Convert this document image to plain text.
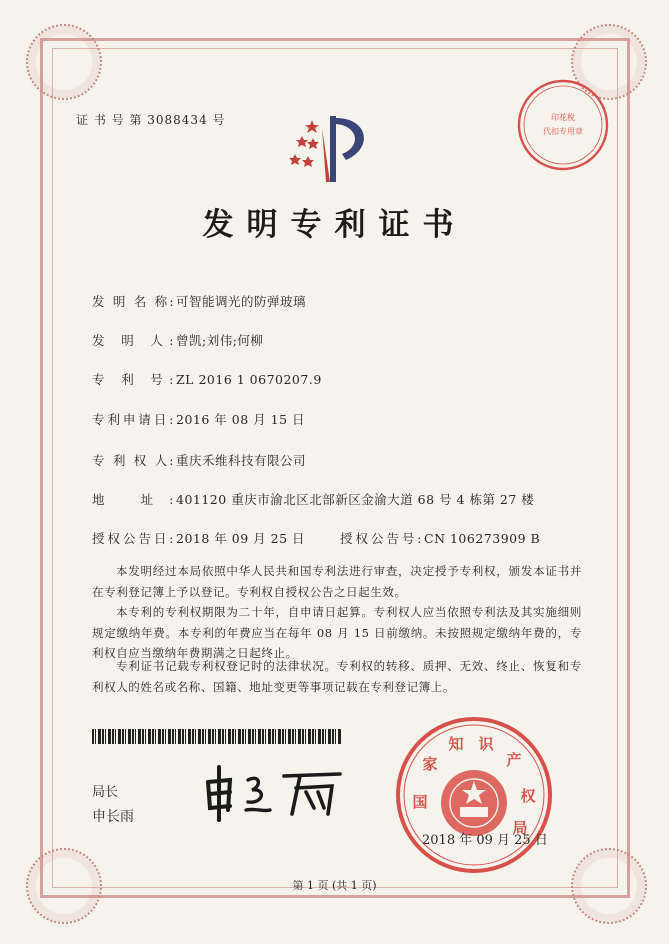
证 书 号 第 3088434 号	印花税
代扣专用章
发明专利证书
发 明 名 称: 可智能调光的防弹玻璃
发 明 人: 曾凯;刘伟;何柳
专 利 号: ZL 2016 1 0670207.9
专利申请日: 2016 年 08 月 15 日
专 利 权 人: 重庆禾维科技有限公司
地 址: 401120 重庆市渝北区北部新区金渝大道 68 号 4 栋第 27 楼
授权公告日: 2018 年 09 月 25 日	授权公告号: CN 106273909 B

本发明经过本局依照中华人民共和国专利法进行审查，决定授予专利权，颁发本证书并在专利登记簿上予以登记。专利权自授权公告之日起生效。

本专利的专利权期限为二十年，自申请日起算。专利权人应当依照专利法及其实施细则规定缴纳年费。本专利的年费应当在每年 08 月 15 日前缴纳。未按照规定缴纳年费的，专利权自应当缴纳年费期满之日起终止。

专利证书记载专利权登记时的法律状况。专利权的转移、质押、无效、终止、恢复和专利权人的姓名或名称、国籍、地址变更等事项记载在专利登记簿上。

局长
申长雨
国
家
知 识
产
权
局
2018 年 09 月 25 日
第 1 页 (共 1 页)
